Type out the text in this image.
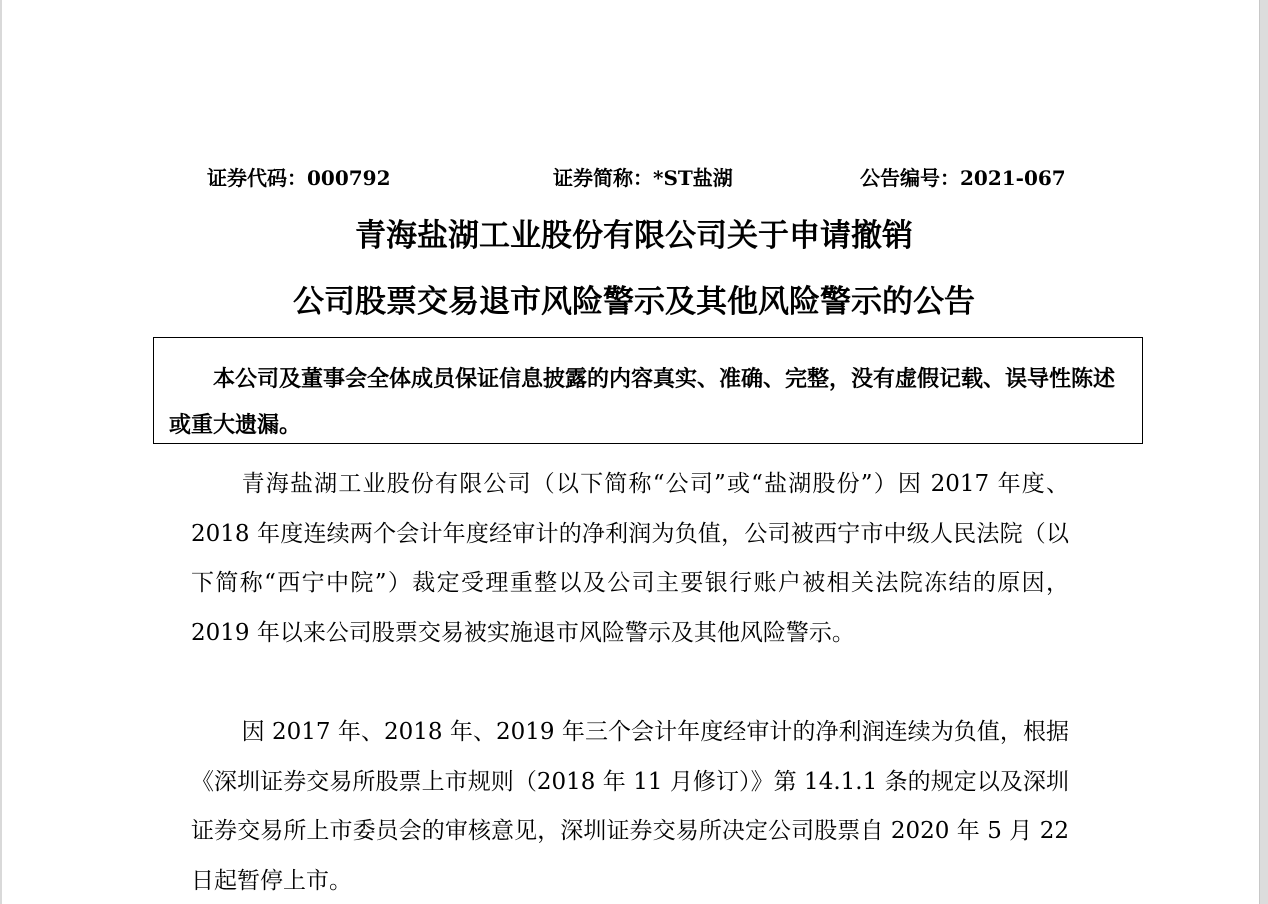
证券代码：000792	证券简称：*ST盐湖	公告编号：2021-067
青海盐湖工业股份有限公司关于申请撤销
公司股票交易退市风险警示及其他风险警示的公告
本公司及董事会全体成员保证信息披露的内容真实、准确、完整，没有虚假记载、误导性陈述或重大遗漏。
青海盐湖工业股份有限公司（以下简称“公司”或“盐湖股份”）因 2017 年度、2018 年度连续两个会计年度经审计的净利润为负值，公司被西宁市中级人民法院（以下简称“西宁中院”）裁定受理重整以及公司主要银行账户被相关法院冻结的原因，2019 年以来公司股票交易被实施退市风险警示及其他风险警示。
因 2017 年、2018 年、2019 年三个会计年度经审计的净利润连续为负值，根据《深圳证券交易所股票上市规则（2018 年 11 月修订）》第 14.1.1 条的规定以及深圳证券交易所上市委员会的审核意见，深圳证券交易所决定公司股票自 2020 年 5 月 22 日起暂停上市。
